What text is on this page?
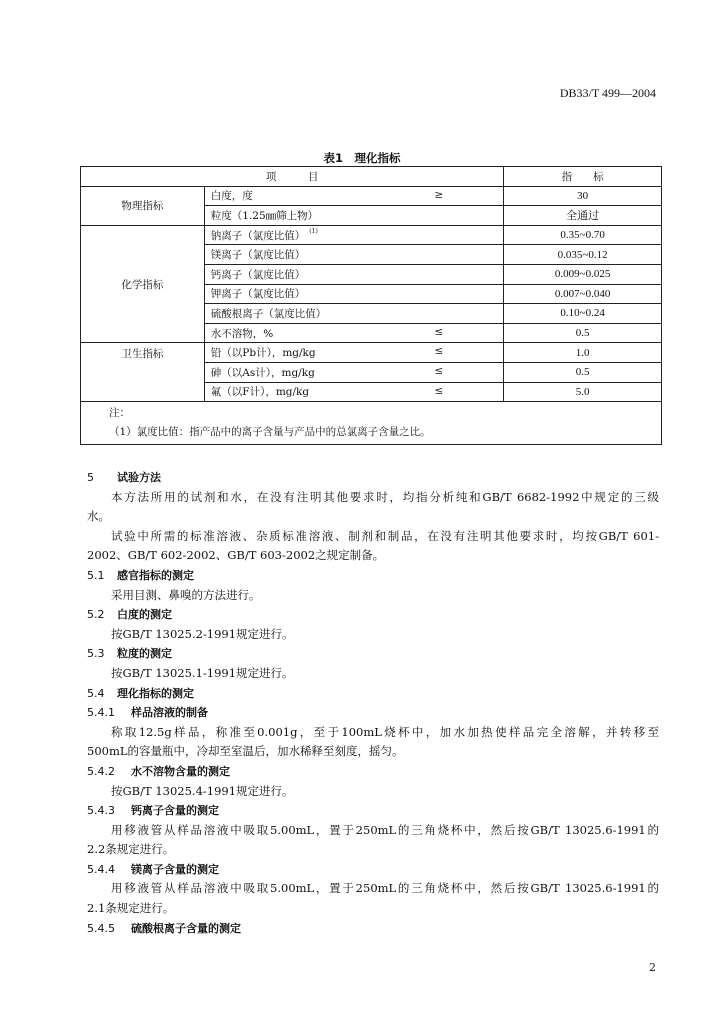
DB33/T 499—2004
表1　理化指标
项　　　目		指　　标
物理指标	白度，度 ≥	30
	粒度（1.25㎜筛上物）	全通过
化学指标	钠离子（氯度比值） $^{(1)}$	0.35~0.70
	镁离子（氯度比值）	0.035~0.12
	钙离子（氯度比值）	0.009~0.025
	钾离子（氯度比值）	0.007~0.040
	硫酸根离子（氯度比值）	0.10~0.24
	水不溶物，% ≤	0.5
卫生指标	铅（以Pb计），mg/kg ≤	1.0
	砷（以As计），mg/kg ≤	0.5
	氟（以F计），mg/kg ≤	5.0

注：
（1）氯度比值：指产品中的离子含量与产品中的总氯离子含量之比。		

5 试验方法

本方法所用的试剂和水，在没有注明其他要求时，均指分析纯和GB/T 6682-1992中规定的三级

水。

试验中所需的标准溶液、杂质标准溶液、制剂和制品，在没有注明其他要求时，均按GB/T 601-

2002、GB/T 602-2002、GB/T 603-2002之规定制备。

5.1 感官指标的测定

采用目测、鼻嗅的方法进行。

5.2 白度的测定

按GB/T 13025.2-1991规定进行。

5.3 粒度的测定

按GB/T 13025.1-1991规定进行。

5.4 理化指标的测定

5.4.1 样品溶液的制备

称取12.5g样品，称准至0.001g，至于100mL烧杯中，加水加热使样品完全溶解，并转移至

500mL的容量瓶中，冷却至室温后，加水稀释至刻度，摇匀。

5.4.2 水不溶物含量的测定

按GB/T 13025.4-1991规定进行。

5.4.3 钙离子含量的测定

用移液管从样品溶液中吸取5.00mL，置于250mL的三角烧杯中，然后按GB/T 13025.6-1991的

2.2条规定进行。

5.4.4 镁离子含量的测定

用移液管从样品溶液中吸取5.00mL，置于250mL的三角烧杯中，然后按GB/T 13025.6-1991的

2.1条规定进行。

5.4.5 硫酸根离子含量的测定

2
